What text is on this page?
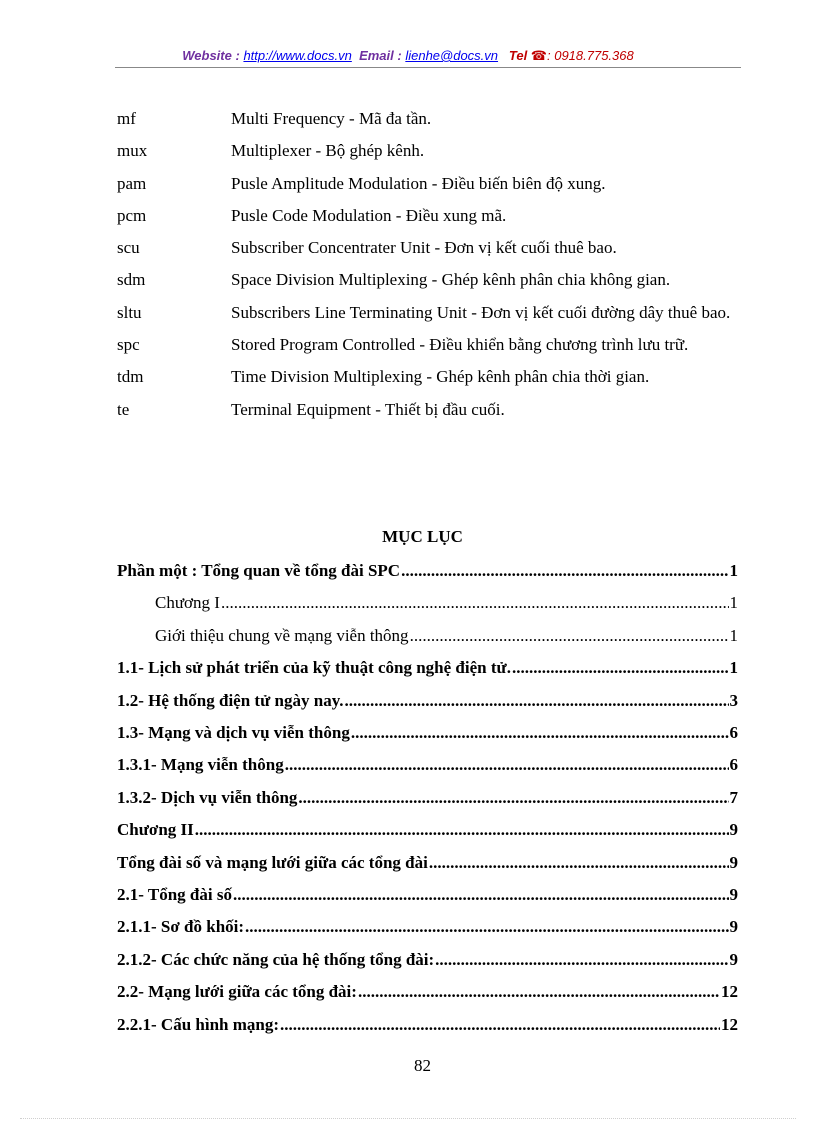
Website : http://www.docs.vn Email : lienhe@docs.vn Tel ☎: 0918.775.368
mf	Multi Frequency - Mã đa tần.
mux	Multiplexer - Bộ ghép kênh.
pam	Pusle Amplitude Modulation - Điều biến biên độ xung.
pcm	Pusle Code Modulation - Điều xung mã.
scu	Subscriber Concentrater Unit - Đơn vị kết cuối thuê bao.
sdm	Space Division Multiplexing - Ghép kênh phân chia không gian.
sltu	Subscribers Line Terminating Unit - Đơn vị kết cuối đường dây thuê bao.
spc	Stored Program Controlled - Điều khiển bằng chương trình lưu trữ.
tdm	Time Division Multiplexing - Ghép kênh phân chia thời gian.
te	Terminal Equipment - Thiết bị đầu cuối.
MỤC LỤC
Phần một : Tổng quan về tổng đài SPC .....	1
Chương I .....	1
Giới thiệu chung về mạng viễn thông .....	1
1.1- Lịch sử phát triển của kỹ thuật công nghệ điện tử. .....	1
1.2- Hệ thống điện tử ngày nay. .....	3
1.3- Mạng và dịch vụ viễn thông .....	6
1.3.1- Mạng viễn thông .....	6
1.3.2- Dịch vụ viễn thông .....	7
Chương II .....	9
Tổng đài số và mạng lưới giữa các tổng đài .....	9
2.1- Tổng đài số .....	9
2.1.1- Sơ đồ khối: .....	9
2.1.2- Các chức năng của hệ thống tổng đài: .....	9
2.2- Mạng lưới giữa các tổng đài: .....	12
2.2.1- Cấu hình mạng: .....	12
82
